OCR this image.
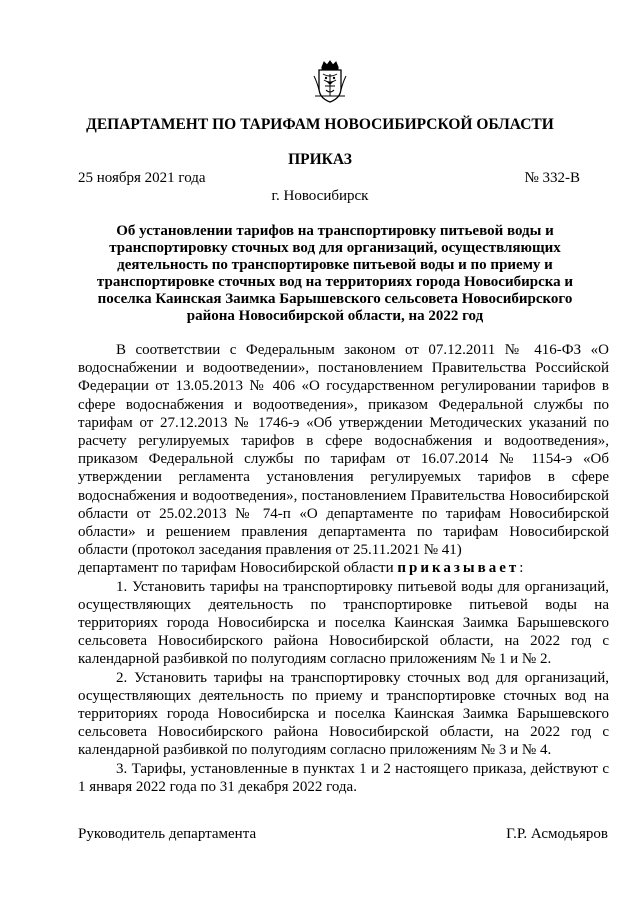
ДЕПАРТАМЕНТ ПО ТАРИФАМ НОВОСИБИРСКОЙ ОБЛАСТИ
ПРИКАЗ
25 ноября 2021 года	№ 332-В
г. Новосибирск
Об установлении тарифов на транспортировку питьевой воды и транспортировку сточных вод для организаций, осуществляющих деятельность по транспортировке питьевой воды и по приему и транспортировке сточных вод на территориях города Новосибирска и поселка Каинская Заимка Барышевского сельсовета Новосибирского района Новосибирской области, на 2022 год

В соответствии с Федеральным законом от 07.12.2011 № 416-ФЗ «О водоснабжении и водоотведении», постановлением Правительства Российской Федерации от 13.05.2013 № 406 «О государственном регулировании тарифов в сфере водоснабжения и водоотведения», приказом Федеральной службы по тарифам от 27.12.2013 № 1746-э «Об утверждении Методических указаний по расчету регулируемых тарифов в сфере водоснабжения и водоотведения», приказом Федеральной службы по тарифам от 16.07.2014 № 1154-э «Об утверждении регламента установления регулируемых тарифов в сфере водоснабжения и водоотведения», постановлением Правительства Новосибирской области от 25.02.2013 № 74-п «О департаменте по тарифам Новосибирской области» и решением правления департамента по тарифам Новосибирской области (протокол заседания правления от 25.11.2021 № 41)

департамент по тарифам Новосибирской области приказывает:

1. Установить тарифы на транспортировку питьевой воды для организаций, осуществляющих деятельность по транспортировке питьевой воды на территориях города Новосибирска и поселка Каинская Заимка Барышевского сельсовета Новосибирского района Новосибирской области, на 2022 год с календарной разбивкой по полугодиям согласно приложениям № 1 и № 2.

2. Установить тарифы на транспортировку сточных вод для организаций, осуществляющих деятельность по приему и транспортировке сточных вод на территориях города Новосибирска и поселка Каинская Заимка Барышевского сельсовета Новосибирского района Новосибирской области, на 2022 год с календарной разбивкой по полугодиям согласно приложениям № 3 и № 4.

3. Тарифы, установленные в пунктах 1 и 2 настоящего приказа, действуют с 1 января 2022 года по 31 декабря 2022 года.

Руководитель департамента	Г.Р. Асмодьяров
